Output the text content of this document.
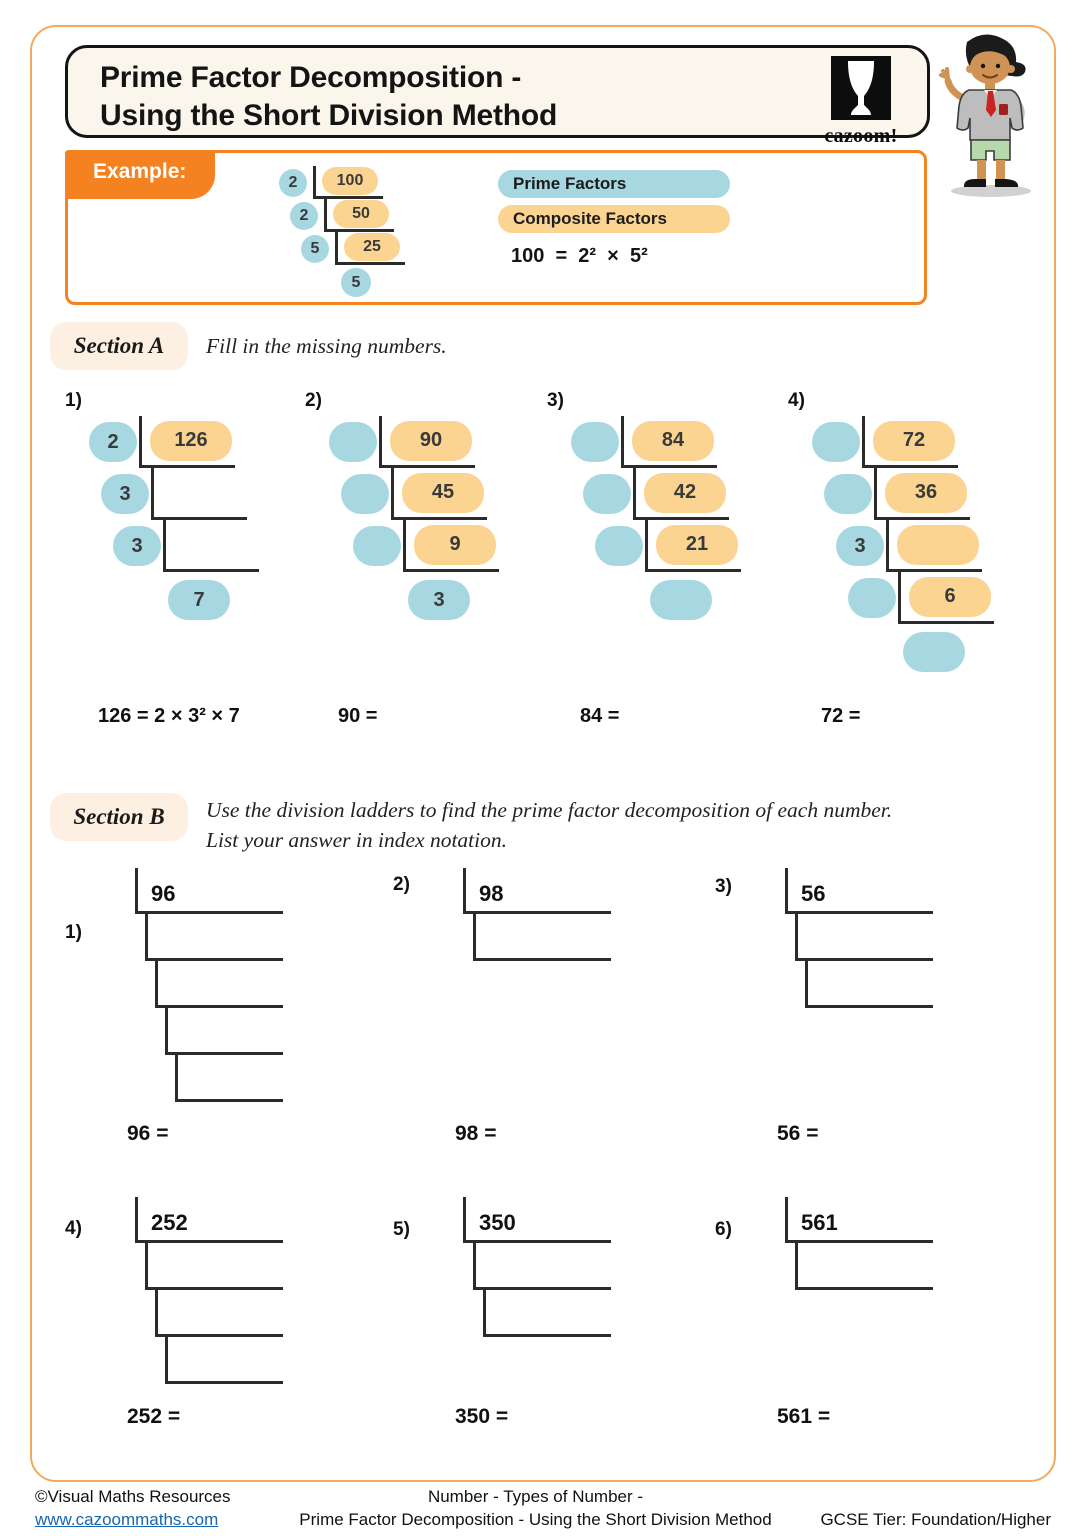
Prime Factor Decomposition -
Using the Short Division Method
cazoom!
Example:	2	100
2	50
5	25
5
Prime Factors
Composite Factors
100  =  2²  ×  5²
Section A	Fill in the missing numbers.
1)
2	126
3
3
7
126 = 2 × 3² × 7
2)
90
45
9
3
90 =
3)
84
42
21
84 =
4)
72
36
3
6
72 =
Section B	Use the division ladders to find the prime factor decomposition of each number.
List your answer in index notation.
1)
96
96 =
2)	98
98 =
3)	56
56 =
4)	252
252 =
5)	350
350 =
6)	561
561 =
©Visual Maths Resources
www.cazoommaths.com
Number - Types of Number -
Prime Factor Decomposition - Using the Short Division Method	GCSE Tier: Foundation/Higher
